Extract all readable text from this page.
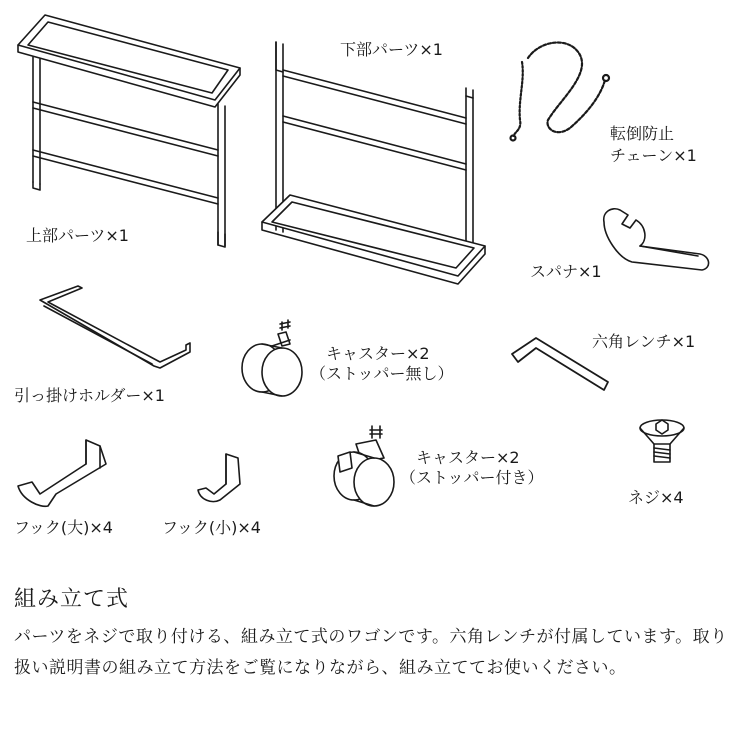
下部パーツ×1
転倒防止
チェーン×1
上部パーツ×1
スパナ×1
六角レンチ×1
キャスター×2
（ストッパー無し）
引っ掛けホルダー×1
キャスター×2
（ストッパー付き）
ネジ×4
フック(大)×4	フック(小)×4
組み立て式
パーツをネジで取り付ける、組み立て式のワゴンです。六角レンチが付属しています。取り扱い説明書の組み立て方法をご覧になりながら、組み立ててお使いください。
